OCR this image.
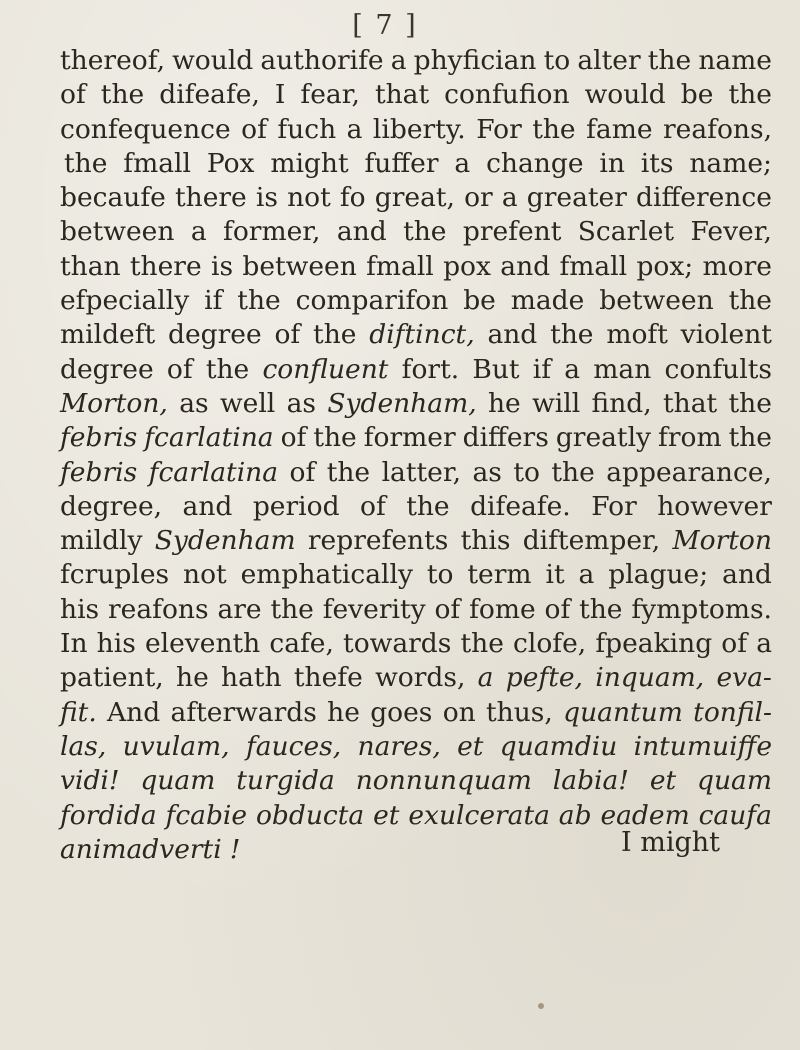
[ 7 ]
thereof, would authorife a phyfician to alter the name
of the difeafe, I fear, that confufion would be the
confequence of fuch a liberty. For the fame reafons,
the fmall Pox might fuffer a change in its name;
becaufe there is not fo great, or a greater difference
between a former, and the prefent Scarlet Fever,
than there is between fmall pox and fmall pox; more
efpecially if the comparifon be made between the
mildeft degree of the diftinct, and the moft violent
degree of the confluent fort. But if a man confults
Morton, as well as Sydenham, he will find, that the
febris fcarlatina of the former differs greatly from the
febris fcarlatina of the latter, as to the appearance,
degree, and period of the difeafe. For however
mildly Sydenham reprefents this diftemper, Morton
fcruples not emphatically to term it a plague; and
his reafons are the feverity of fome of the fymptoms.
In his eleventh cafe, towards the clofe, fpeaking of a
patient, he hath thefe words, a pefte, inquam, eva-
fit. And afterwards he goes on thus, quantum tonfil-
las, uvulam, fauces, nares, et quamdiu intumuiffe
vidi! quam turgida nonnunquam labia! et quam
fordida fcabie obducta et exulcerata ab eadem caufa
animadverti !	I might
